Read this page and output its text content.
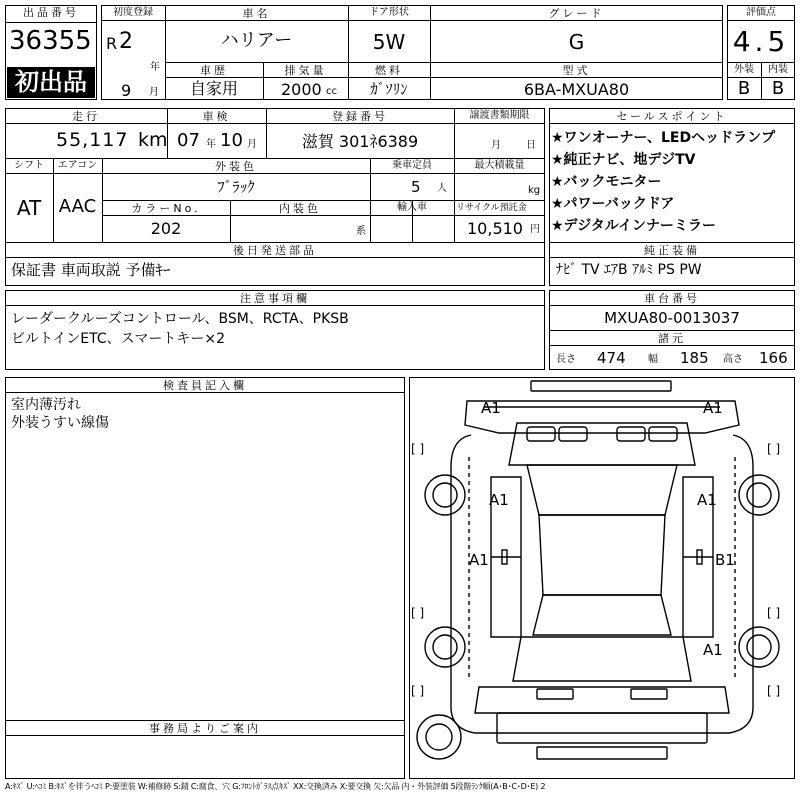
出品番号
36355
初出品
初度登録
R 2
年
9 月
車名
ハリアー
ドア形状
5W
グレード
G
車歴
自家用
排気量
2000 cc
燃料
ｶﾞｿﾘﾝ
型式
6BA-MXUA80
評価点
4.5
外装	内装
B	B
走行
55,117 km
車検
07 年 10 月
登録番号
滋賀 301ﾈ6389
譲渡書類期限
月	日
シフト
AT
エアコン
AAC
外装色
ﾌﾞﾗｯｸ
乗車定員
5 人
最大積載量
kg
カラーNo.
202
内装色
系
輸入車	リサイクル預託金
10,510 円
後日発送部品
保証書 車両取説 予備ｷｰ
セールスポイント
★ワンオーナー、LEDヘッドランプ
★純正ナビ、地デジTV
★バックモニター
★パワーバックドア
★デジタルインナーミラー
純正装備
ﾅﾋﾞ TV ｴｱB ｱﾙﾐ PS PW
注意事項欄
レーダークルーズコントロール、BSM、RCTA、PKSB
ビルトインETC、スマートキー×2
車台番号
MXUA80-0013037
諸元
長さ 474 幅 185 高さ 166
検査員記入欄
室内薄汚れ
外装うすい線傷
事務局よりご案内
A1	A1
A1	A1
A1	B1
A1
[ ]	[ ]
[ ]	[ ]
[ ]	[ ]
A:ｷｽﾞ U:ﾍｺﾐ B:ｷｽﾞを伴うﾍｺﾐ P:要塗装 W:補修跡 S:錆 C:腐食、穴 G:ﾌﾛﾝﾄｶﾞﾗｽ点ｷｽﾞ XX:交換済み X:要交換 欠:欠品 内・外装評価 5段階ﾗﾝｸ順(A･B･C･D･E) 2
